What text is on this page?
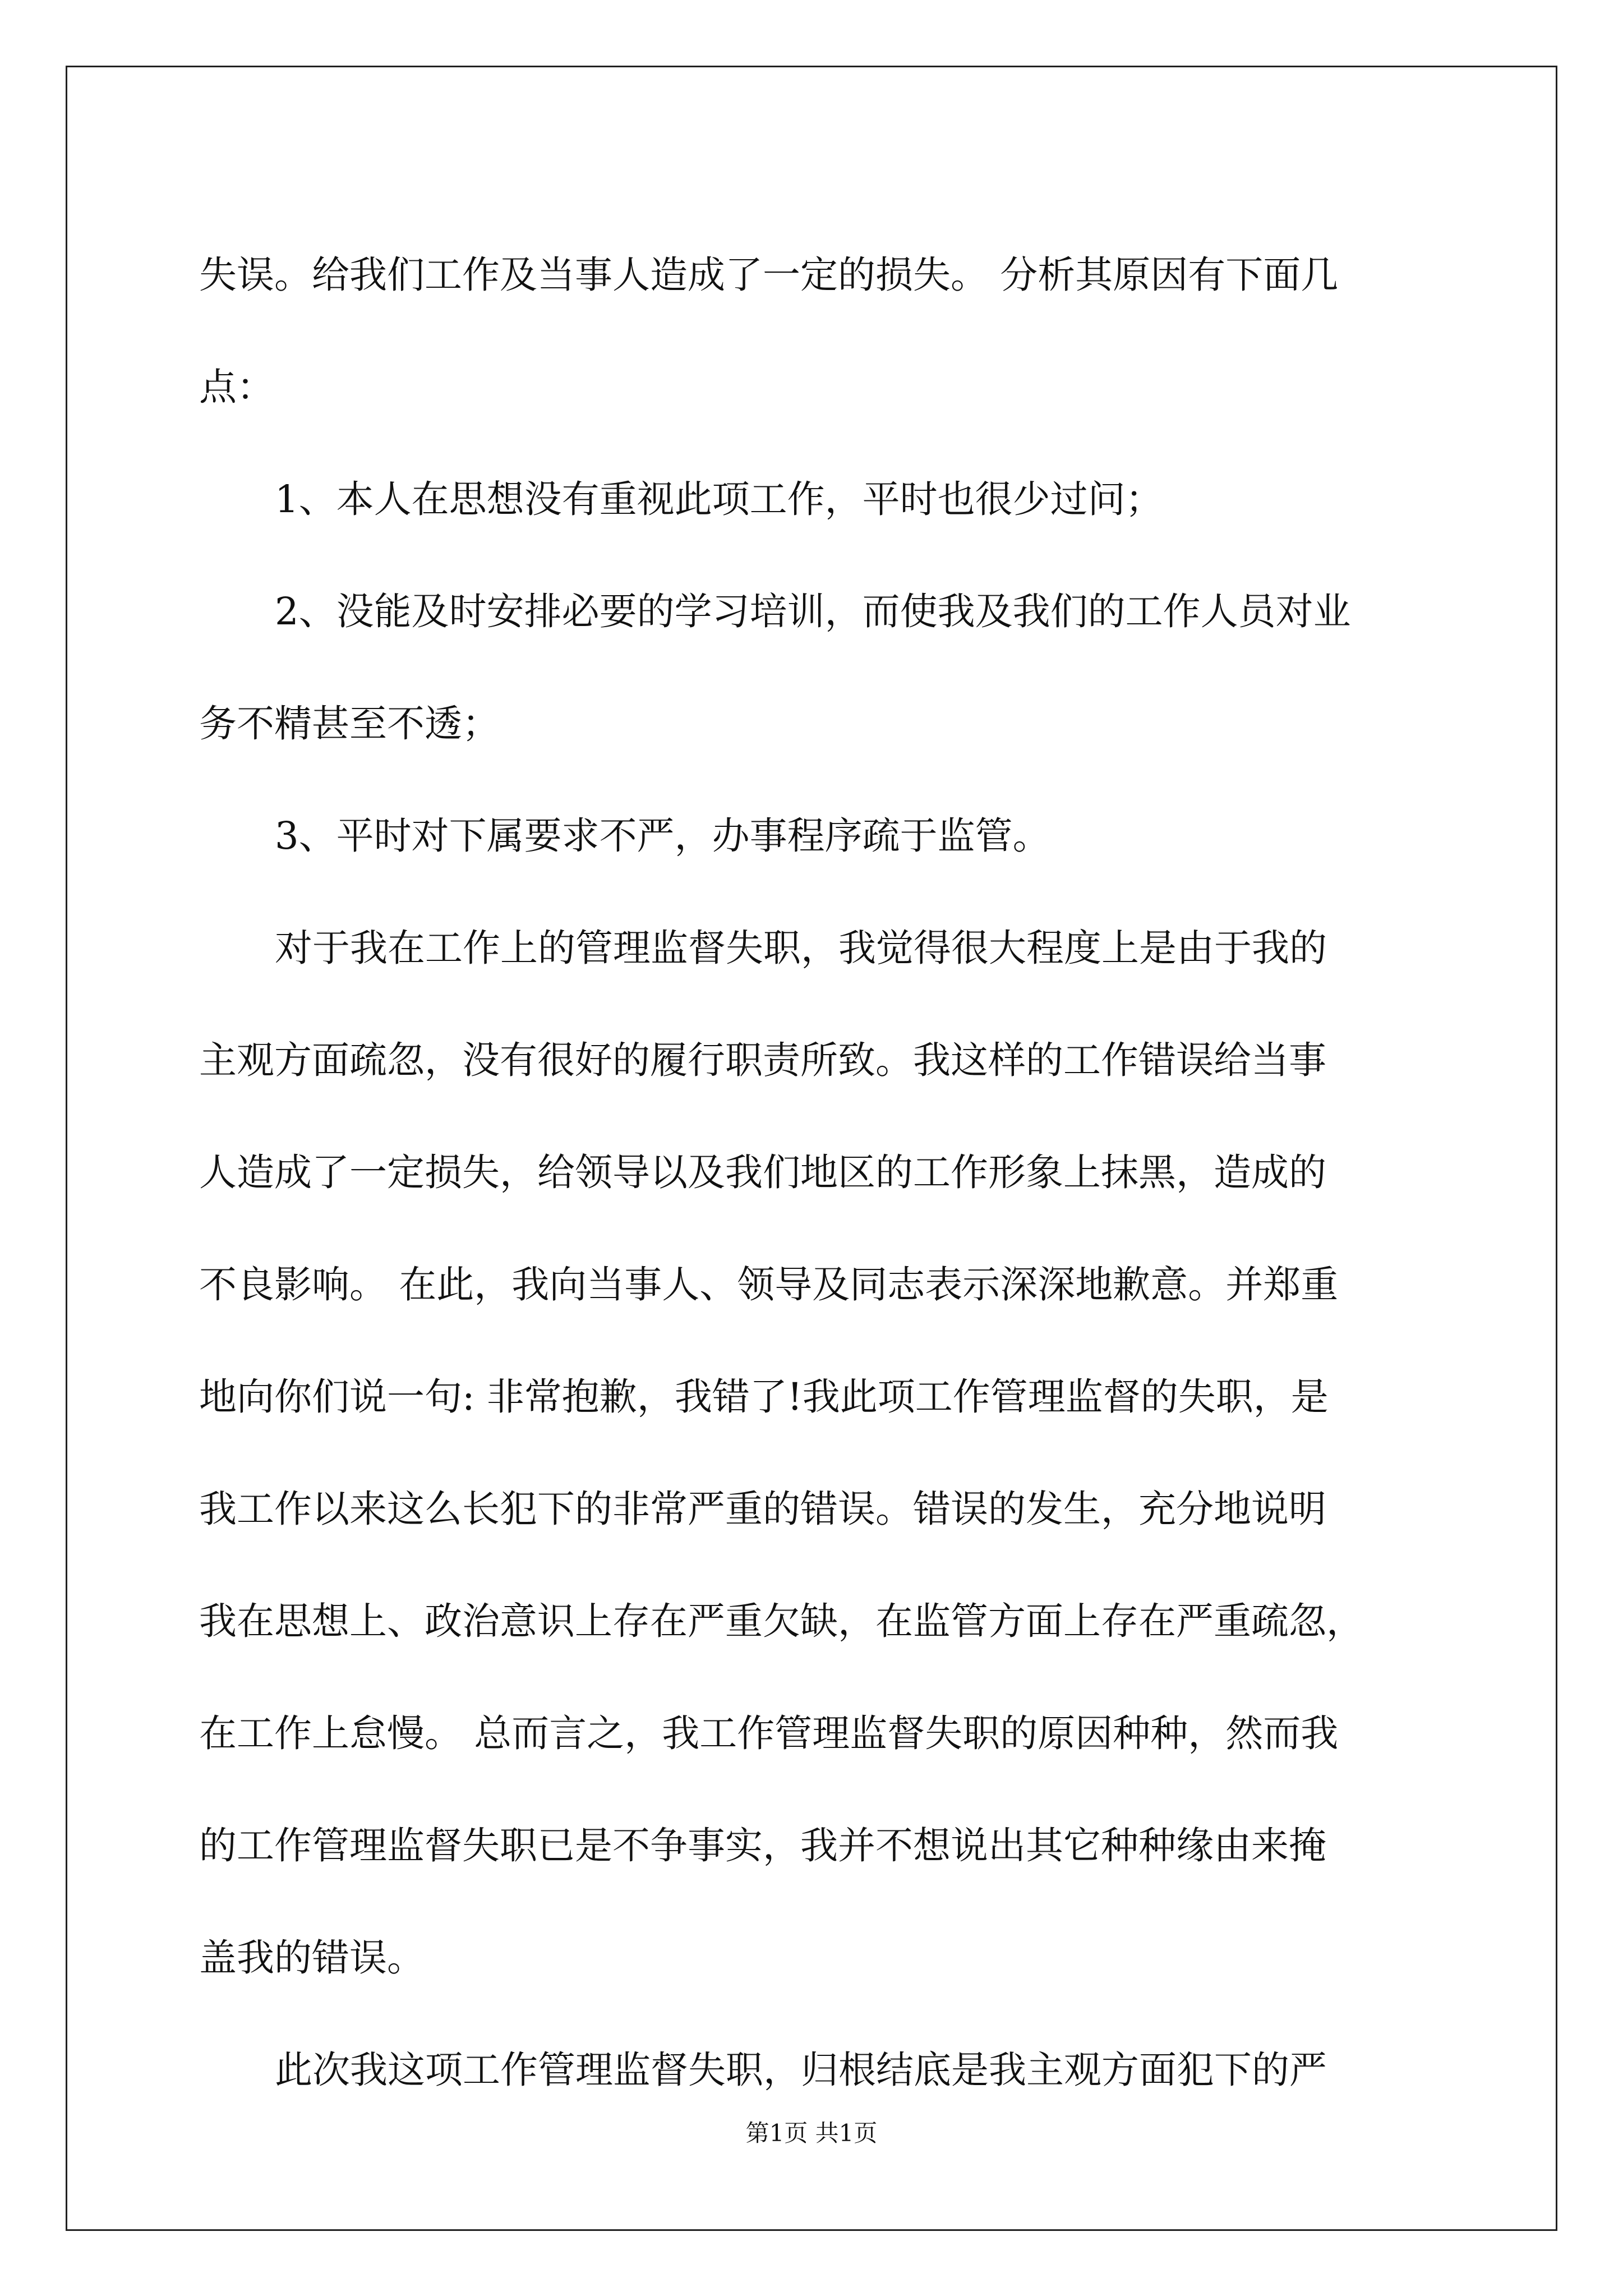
失误。给我们工作及当事人造成了一定的损失。 分析其原因有下面几
点：
1、本人在思想没有重视此项工作，平时也很少过问；
2、没能及时安排必要的学习培训，而使我及我们的工作人员对业
务不精甚至不透；
3、平时对下属要求不严，办事程序疏于监管。
对于我在工作上的管理监督失职，我觉得很大程度上是由于我的
主观方面疏忽，没有很好的履行职责所致。我这样的工作错误给当事
人造成了一定损失，给领导以及我们地区的工作形象上抹黑，造成的
不良影响。 在此，我向当事人、领导及同志表示深深地歉意。并郑重
地向你们说一句: 非常抱歉，我错了!我此项工作管理监督的失职，是
我工作以来这么长犯下的非常严重的错误。错误的发生，充分地说明
我在思想上、政治意识上存在严重欠缺，在监管方面上存在严重疏忽，
在工作上怠慢。 总而言之，我工作管理监督失职的原因种种，然而我
的工作管理监督失职已是不争事实，我并不想说出其它种种缘由来掩
盖我的错误。
此次我这项工作管理监督失职，归根结底是我主观方面犯下的严
第1页 共1页
